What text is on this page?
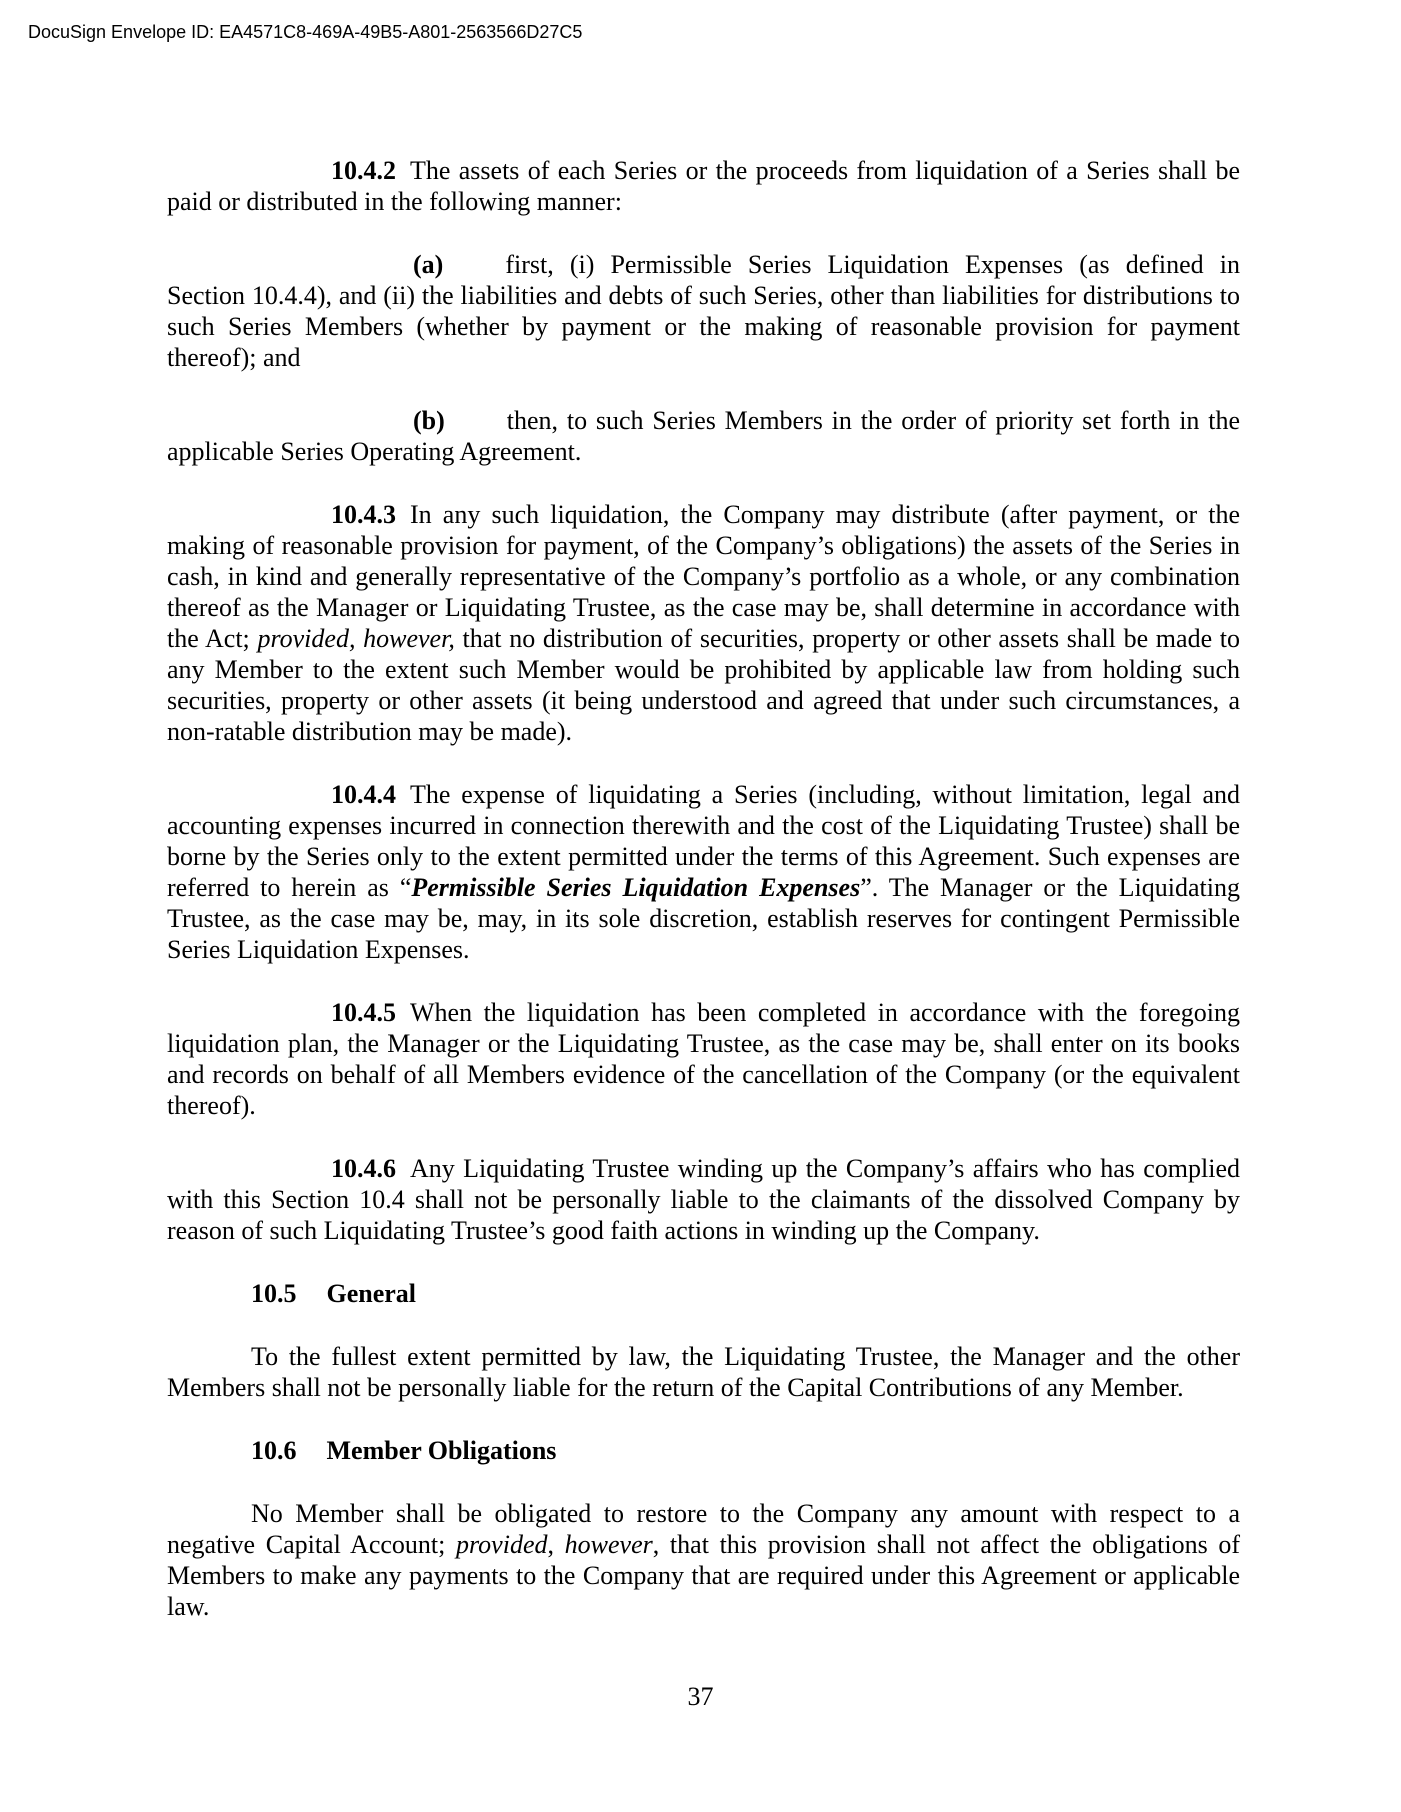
DocuSign Envelope ID: EA4571C8-469A-49B5-A801-2563566D27C5

10.4.2 The assets of each Series or the proceeds from liquidation of a Series shall be paid or distributed in the following manner:

(a) first, (i) Permissible Series Liquidation Expenses (as defined in Section 10.4.4), and (ii) the liabilities and debts of such Series, other than liabilities for distributions to such Series Members (whether by payment or the making of reasonable provision for payment thereof); and

(b) then, to such Series Members in the order of priority set forth in the applicable Series Operating Agreement.

10.4.3 In any such liquidation, the Company may distribute (after payment, or the making of reasonable provision for payment, of the Company’s obligations) the assets of the Series in cash, in kind and generally representative of the Company’s portfolio as a whole, or any combination thereof as the Manager or Liquidating Trustee, as the case may be, shall determine in accordance with the Act; provided, however, that no distribution of securities, property or other assets shall be made to any Member to the extent such Member would be prohibited by applicable law from holding such securities, property or other assets (it being understood and agreed that under such circumstances, a non-ratable distribution may be made).

10.4.4 The expense of liquidating a Series (including, without limitation, legal and accounting expenses incurred in connection therewith and the cost of the Liquidating Trustee) shall be borne by the Series only to the extent permitted under the terms of this Agreement. Such expenses are referred to herein as “Permissible Series Liquidation Expenses”. The Manager or the Liquidating Trustee, as the case may be, may, in its sole discretion, establish reserves for contingent Permissible Series Liquidation Expenses.

10.4.5 When the liquidation has been completed in accordance with the foregoing liquidation plan, the Manager or the Liquidating Trustee, as the case may be, shall enter on its books and records on behalf of all Members evidence of the cancellation of the Company (or the equivalent thereof).

10.4.6 Any Liquidating Trustee winding up the Company’s affairs who has complied with this Section 10.4 shall not be personally liable to the claimants of the dissolved Company by reason of such Liquidating Trustee’s good faith actions in winding up the Company.

10.5 General

To the fullest extent permitted by law, the Liquidating Trustee, the Manager and the other Members shall not be personally liable for the return of the Capital Contributions of any Member.

10.6 Member Obligations

No Member shall be obligated to restore to the Company any amount with respect to a negative Capital Account; provided, however, that this provision shall not affect the obligations of Members to make any payments to the Company that are required under this Agreement or applicable law.

37
